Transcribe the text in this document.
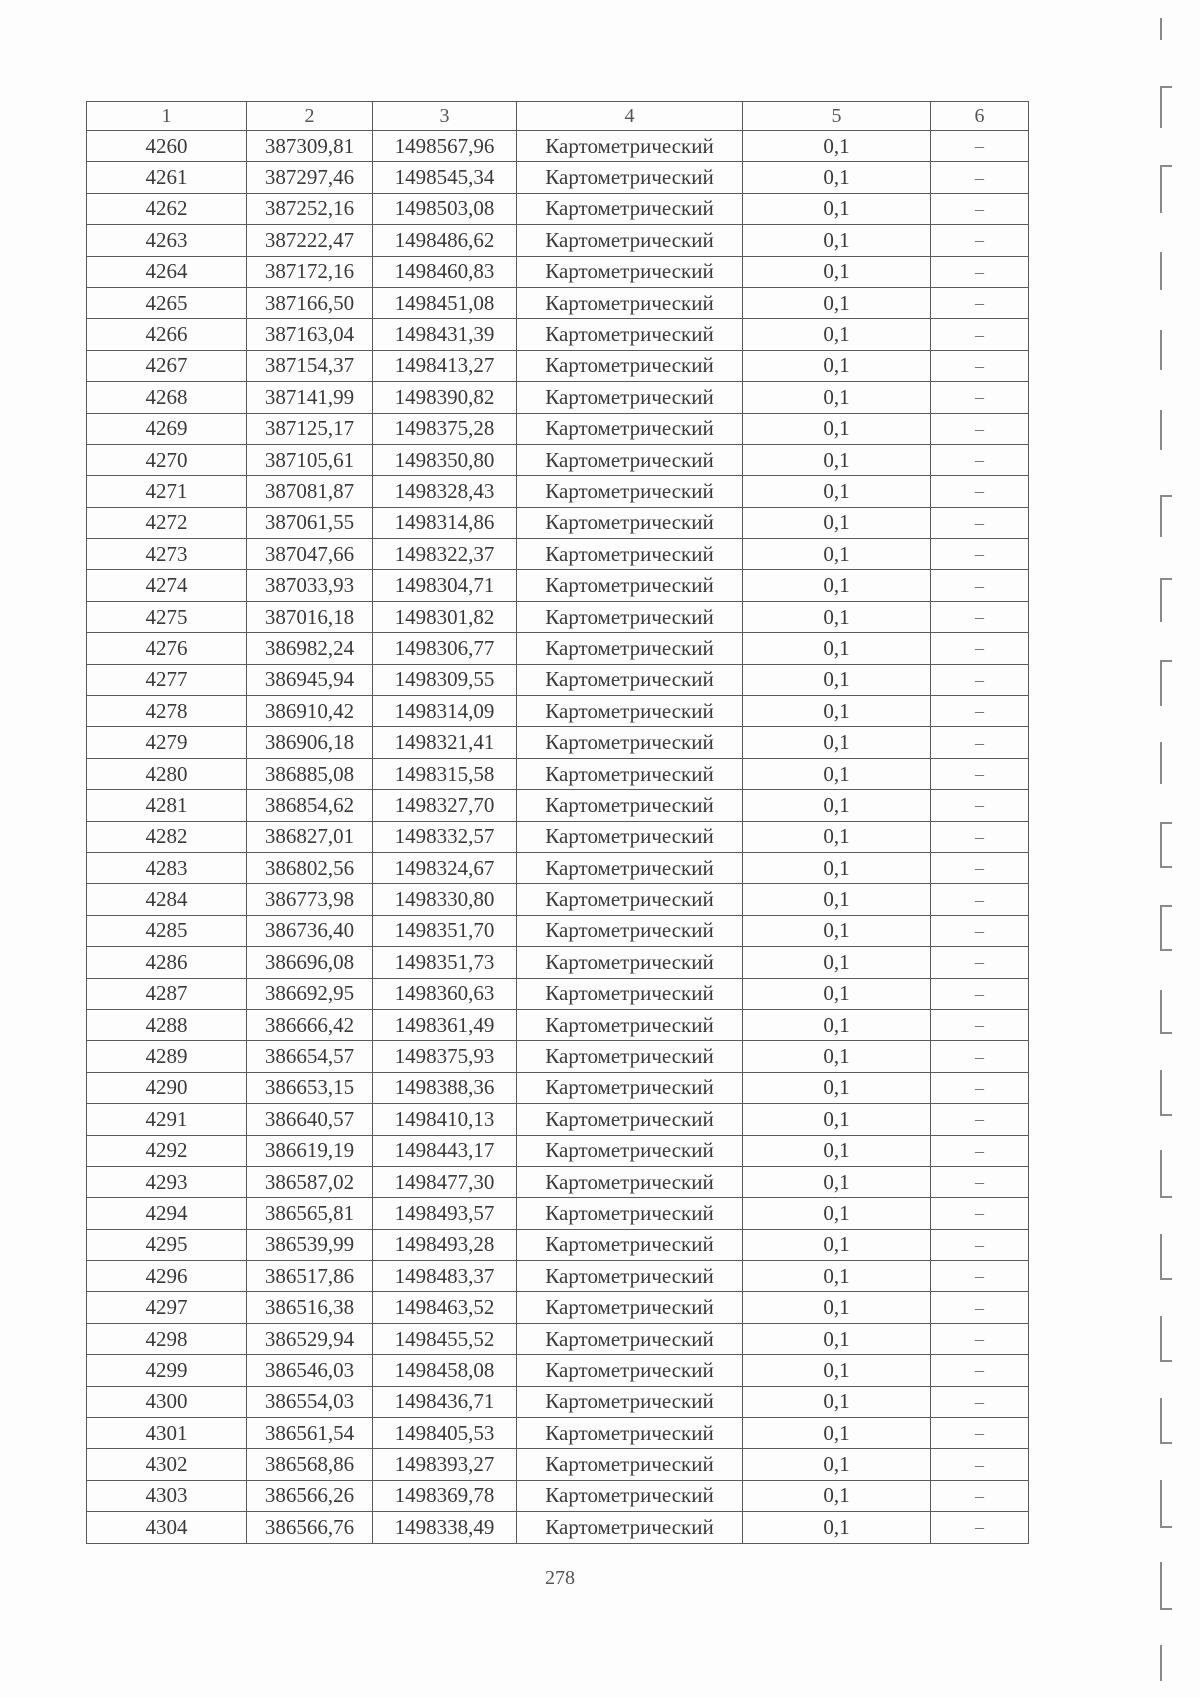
1	2	3	4	5	6
4260	387309,81	1498567,96	Картометрический	0,1	–
4261	387297,46	1498545,34	Картометрический	0,1	–
4262	387252,16	1498503,08	Картометрический	0,1	–
4263	387222,47	1498486,62	Картометрический	0,1	–
4264	387172,16	1498460,83	Картометрический	0,1	–
4265	387166,50	1498451,08	Картометрический	0,1	–
4266	387163,04	1498431,39	Картометрический	0,1	–
4267	387154,37	1498413,27	Картометрический	0,1	–
4268	387141,99	1498390,82	Картометрический	0,1	–
4269	387125,17	1498375,28	Картометрический	0,1	–
4270	387105,61	1498350,80	Картометрический	0,1	–
4271	387081,87	1498328,43	Картометрический	0,1	–
4272	387061,55	1498314,86	Картометрический	0,1	–
4273	387047,66	1498322,37	Картометрический	0,1	–
4274	387033,93	1498304,71	Картометрический	0,1	–
4275	387016,18	1498301,82	Картометрический	0,1	–
4276	386982,24	1498306,77	Картометрический	0,1	–
4277	386945,94	1498309,55	Картометрический	0,1	–
4278	386910,42	1498314,09	Картометрический	0,1	–
4279	386906,18	1498321,41	Картометрический	0,1	–
4280	386885,08	1498315,58	Картометрический	0,1	–
4281	386854,62	1498327,70	Картометрический	0,1	–
4282	386827,01	1498332,57	Картометрический	0,1	–
4283	386802,56	1498324,67	Картометрический	0,1	–
4284	386773,98	1498330,80	Картометрический	0,1	–
4285	386736,40	1498351,70	Картометрический	0,1	–
4286	386696,08	1498351,73	Картометрический	0,1	–
4287	386692,95	1498360,63	Картометрический	0,1	–
4288	386666,42	1498361,49	Картометрический	0,1	–
4289	386654,57	1498375,93	Картометрический	0,1	–
4290	386653,15	1498388,36	Картометрический	0,1	–
4291	386640,57	1498410,13	Картометрический	0,1	–
4292	386619,19	1498443,17	Картометрический	0,1	–
4293	386587,02	1498477,30	Картометрический	0,1	–
4294	386565,81	1498493,57	Картометрический	0,1	–
4295	386539,99	1498493,28	Картометрический	0,1	–
4296	386517,86	1498483,37	Картометрический	0,1	–
4297	386516,38	1498463,52	Картометрический	0,1	–
4298	386529,94	1498455,52	Картометрический	0,1	–
4299	386546,03	1498458,08	Картометрический	0,1	–
4300	386554,03	1498436,71	Картометрический	0,1	–
4301	386561,54	1498405,53	Картометрический	0,1	–
4302	386568,86	1498393,27	Картометрический	0,1	–
4303	386566,26	1498369,78	Картометрический	0,1	–
4304	386566,76	1498338,49	Картометрический	0,1	–
278
